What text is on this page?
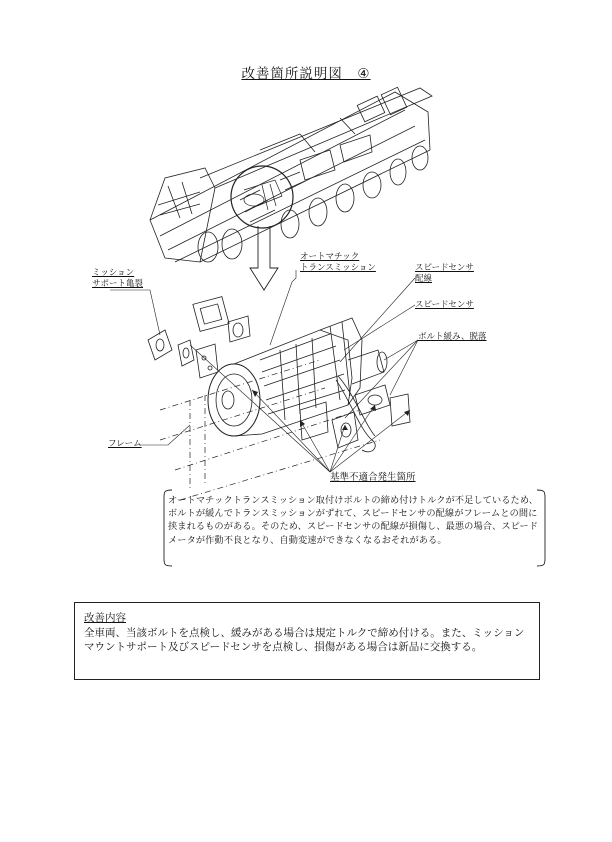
改善箇所説明図　④
オートマチック
トランスミッション
ミッション
サポート亀裂
スピードセンサ
配線
スピードセンサ
ボルト緩み、脱落
フレーム
基準不適合発生箇所
オートマチックトランスミッション取付けボルトの締め付けトルクが不足しているため、ボルトが緩んでトランスミッションがずれて、スピードセンサの配線がフレームとの間に挟まれるものがある。そのため、スピードセンサの配線が損傷し、最悪の場合、スピードメータが作動不良となり、自動変速ができなくなるおそれがある。
改善内容
全車両、当該ボルトを点検し、緩みがある場合は規定トルクで締め付ける。また、ミッションマウントサポート及びスピードセンサを点検し、損傷がある場合は新品に交換する。
